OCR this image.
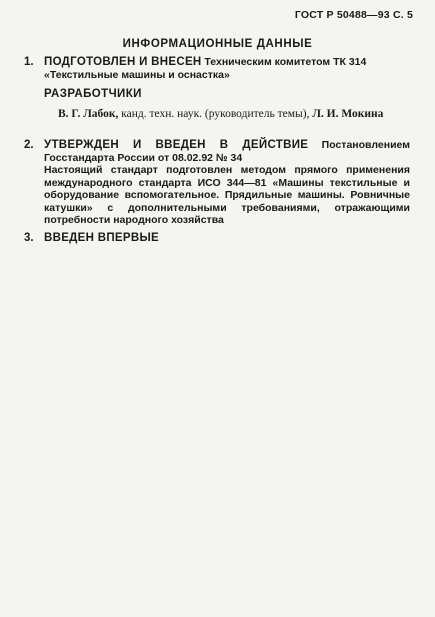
ГОСТ Р 50488—93 С. 5
ИНФОРМАЦИОННЫЕ ДАННЫЕ
1. ПОДГОТОВЛЕН И ВНЕСЕН Техническим комитетом ТК 314
«Текстильные машины и оснастка»
РАЗРАБОТЧИКИ
В. Г. Лабок, канд. техн. наук. (руководитель темы), Л. И. Мокина
2. УТВЕРЖДЕН И ВВЕДЕН В ДЕЙСТВИЕ Постановлением Госстандарта России от 08.02.92 № 34
Настоящий стандарт подготовлен методом прямого применения международного стандарта ИСО 344—81 «Машины текстильные и оборудование вспомогательное. Прядильные машины. Ровничные катушки» с дополнительными требованиями, отражающими потребности народного хозяйства
3. ВВЕДЕН ВПЕРВЫЕ
